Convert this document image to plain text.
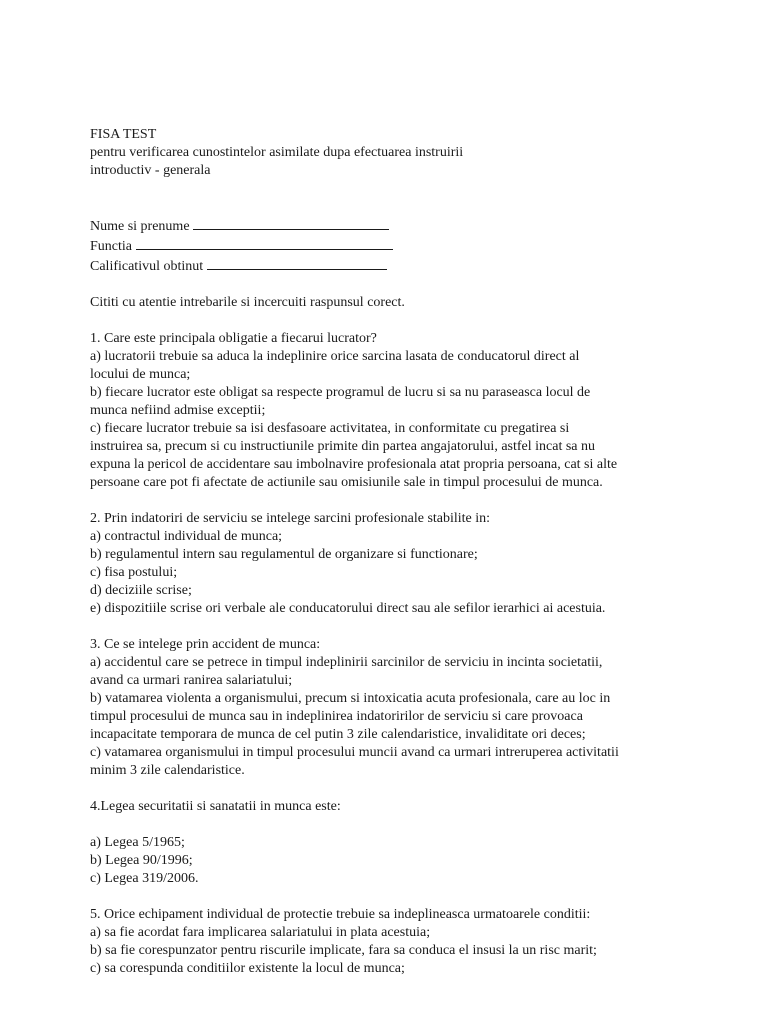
FISA TEST
pentru verificarea cunostintelor asimilate dupa efectuarea instruirii
introductiv - generala
Nume si prenume
Functia
Calificativul obtinut
Cititi cu atentie intrebarile si incercuiti raspunsul corect.
1. Care este principala obligatie a fiecarui lucrator?
a) lucratorii trebuie sa aduca la indeplinire orice sarcina lasata de conducatorul direct al
locului de munca;
b) fiecare lucrator este obligat sa respecte programul de lucru si sa nu paraseasca locul de
munca nefiind admise exceptii;
c) fiecare lucrator trebuie sa isi desfasoare activitatea, in conformitate cu pregatirea si
instruirea sa, precum si cu instructiunile primite din partea angajatorului, astfel incat sa nu
expuna la pericol de accidentare sau imbolnavire profesionala atat propria persoana, cat si alte
persoane care pot fi afectate de actiunile sau omisiunile sale in timpul procesului de munca.
2. Prin indatoriri de serviciu se intelege sarcini profesionale stabilite in:
a) contractul individual de munca;
b) regulamentul intern sau regulamentul de organizare si functionare;
c) fisa postului;
d) deciziile scrise;
e) dispozitiile scrise ori verbale ale conducatorului direct sau ale sefilor ierarhici ai acestuia.
3. Ce se intelege prin accident de munca:
a) accidentul care se petrece in timpul indeplinirii sarcinilor de serviciu in incinta societatii,
avand ca urmari ranirea salariatului;
b) vatamarea violenta a organismului, precum si intoxicatia acuta profesionala, care au loc in
timpul procesului de munca sau in indeplinirea indatoririlor de serviciu si care provoaca
incapacitate temporara de munca de cel putin 3 zile calendaristice, invaliditate ori deces;
c) vatamarea organismului in timpul procesului muncii avand ca urmari intreruperea activitatii
minim 3 zile calendaristice.
4.Legea securitatii si sanatatii in munca este:
a) Legea 5/1965;
b) Legea 90/1996;
c) Legea 319/2006.
5. Orice echipament individual de protectie trebuie sa indeplineasca urmatoarele conditii:
a) sa fie acordat fara implicarea salariatului in plata acestuia;
b) sa fie corespunzator pentru riscurile implicate, fara sa conduca el insusi la un risc marit;
c) sa corespunda conditiilor existente la locul de munca;
